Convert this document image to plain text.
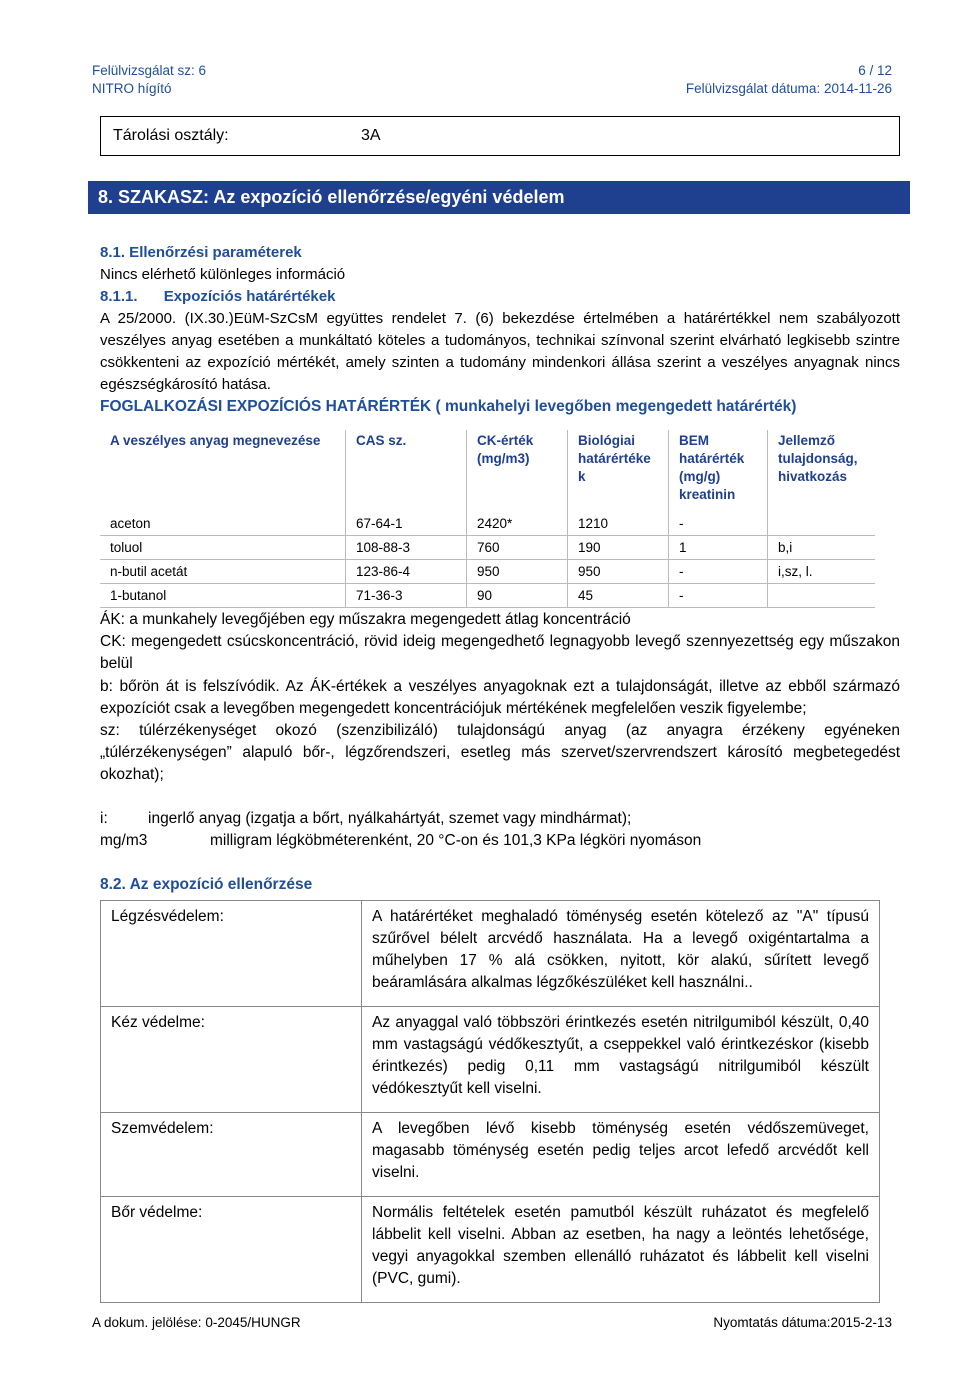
Felülvizsgálat sz: 6
NITRO hígító
6 / 12
Felülvizsgálat dátuma: 2014-11-26
Tárolási osztály:	3A
8. SZAKASZ: Az expozíció ellenőrzése/egyéni védelem
8.1. Ellenőrzési paraméterek
Nincs elérhető különleges információ
8.1.1. Expozíciós határértékek
A 25/2000. (IX.30.)EüM-SzCsM együttes rendelet 7. (6) bekezdése értelmében a határértékkel nem szabályozott veszélyes anyag esetében a munkáltató köteles a tudományos, technikai színvonal szerint elvárható legkisebb szintre csökkenteni az expozíció mértékét, amely szinten a tudomány mindenkori állása szerint a veszélyes anyagnak nincs egészségkárosító hatása.
FOGLALKOZÁSI EXPOZÍCIÓS HATÁRÉRTÉK ( munkahelyi levegőben megengedett határérték)
A veszélyes anyag megnevezése	CAS sz.	CK-érték (mg/m3)	Biológiai határértéke k	BEM határérték (mg/g) kreatinin	Jellemző tulajdonság, hivatkozás
aceton	67-64-1	2420*	1210	-	
toluol	108-88-3	760	190	1	b,i
n-butil acetát	123-86-4	950	950	-	i,sz, l.
1-butanol	71-36-3	90	45	-	
ÁK: a munkahely levegőjében egy műszakra megengedett átlag koncentráció
CK: megengedett csúcskoncentráció, rövid ideig megengedhető legnagyobb levegő szennyezettség egy műszakon belül
b: bőrön át is felszívódik. Az ÁK-értékek a veszélyes anyagoknak ezt a tulajdonságát, illetve az ebből származó expozíciót csak a levegőben megengedett koncentrációjuk mértékének megfelelően veszik figyelembe;
sz: túlérzékenységet okozó (szenzibilizáló) tulajdonságú anyag (az anyagra érzékeny egyéneken „túlérzékenységen” alapuló bőr-, légzőrendszeri, esetleg más szervet/szervrendszert károsító megbetegedést okozhat);
i:	ingerlő anyag (izgatja a bőrt, nyálkahártyát, szemet vagy mindhármat);
mg/m3	milligram légköbméterenként, 20 °C-on és 101,3 KPa légköri nyomáson
8.2. Az expozíció ellenőrzése
Légzésvédelem:	A határértéket meghaladó töménység esetén kötelező az "A" típusú szűrővel bélelt arcvédő használata. Ha a levegő oxigéntartalma a műhelyben 17 % alá csökken, nyitott, kör alakú, sűrített levegő beáramlására alkalmas légzőkészüléket kell használni..
Kéz védelme:	Az anyaggal való többszöri érintkezés esetén nitrilgumiból készült, 0,40 mm vastagságú védőkesztyűt, a cseppekkel való érintkezéskor (kisebb érintkezés) pedig 0,11 mm vastagságú nitrilgumiból készült védókesztyűt kell viselni.
Szemvédelem:	A levegőben lévő kisebb töménység esetén védőszemüveget, magasabb töménység esetén pedig teljes arcot lefedő arcvédőt kell viselni.
Bőr védelme:	Normális feltételek esetén pamutból készült ruházatot és megfelelő lábbelit kell viselni. Abban az esetben, ha nagy a leöntés lehetősége, vegyi anyagokkal szemben ellenálló ruházatot és lábbelit kell viselni (PVC, gumi).
A dokum. jelölése: 0-2045/HUNGR	Nyomtatás dátuma:2015-2-13
